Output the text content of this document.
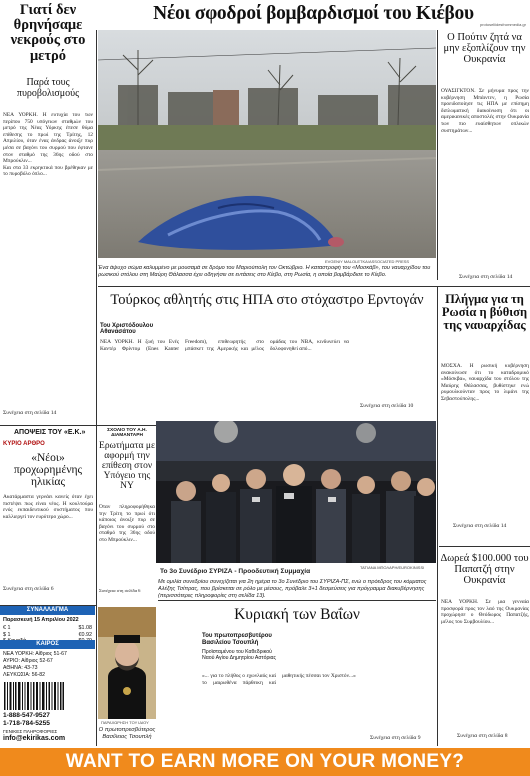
Νέοι σφοδροί βομβαρδισμοί του Κιέβου
protoseliidesfrommedia.gr
Γιατί δεν θρηνήσαμε νεκρούς στο μετρό
Παρά τους πυροβολισμούς
ΝΕΑ ΥΟΡΚΗ. Η ευτυχία του των περίπου 750 υπόγειων σταθμών του μετρό της Νέας Υόρκης έπεσε θύμα επίθεσης το πρωί της Τρίτης, 12 Απριλίου, όταν ένας άνδρας άνοιξε πυρ μέσα σε βαγόνι του συρμού που έφτανε στον σταθμό της 36ης οδού στο Μπρούκλιν...
Και στα 33 εκρηκτικά που βρέθηκαν με το πυροβόλο όπλο...
Συνέχεια στη σελίδα 14
Ένα άψυχο σώμα καλυμμένο με μουσαμά σε δρόμο του Μαριούπολη τον Οκτώβριο. Η καταστροφή του «Μοσκάβ», του ναυαρχίδου του ρωσικού στόλου στη Μαύρη Θάλασσα έχει οδηγήσει σε εντάσεις στο Κίεβο, στη Ρωσία, η οποία βομβάρδισε το Κίεβο.
EVGENIY MALOLETKA/ASSOCIATED PRESS
Ο Πούτιν ζητά να μην εξοπλίζουν την Ουκρανία
ΟΥΑΣΙΓΚΤΟΝ. Σε μήνυμα προς την κυβέρνηση Μπάιντεν, η Ρωσία προειδοποίησε τις ΗΠΑ με επίσημη διπλωματική διακοίνωση ότι οι αμερικανικές αποστολές στην Ουκρανία των πιο ευαίσθητων οπλικών συστημάτων...
Συνέχεια στη σελίδα 14
Τούρκος αθλητής στις ΗΠΑ στο στόχαστρο Ερντογάν
Του Χριστόδουλου Αθανασάτου
ΝΕΑ ΥΟΡΚΗ. Η ζωή του Ενές Καντέρ Φρίντομ (Enes Kanter Freedom), επιθεωρητής στο μπάσκετ της Αμερικής και μέλος ομάδας του ΝΒΑ, κινδυνεύει να δολοφονηθεί από...
Συνέχεια στη σελίδα 10
Πλήγμα για τη Ρωσία η βύθιση της ναυαρχίδας
ΜΟΣΧΑ. Η ρωσική κυβέρνηση ανακοίνωσε ότι το καταδρομικό «Μόσκβα», ναυαρχίδα του στόλου της Μαύρης Θάλασσας, βυθίστηκε ενώ ρυμουλκούνταν προς το λιμάνι της Σεβαστούπολης...
Συνέχεια στη σελίδα 14
ΑΠΟΨΕΙΣ ΤΟΥ «Ε.Κ.»
ΚΥΡΙΟ ΑΡΘΡΟ
«Νέοι» προχωρημένης ηλικίας
Ακατάρμαστα γερνάει κανείς όταν έχει πιστέψει πως είναι νέος. Η κουλτούρα ενός εκπαιδευτικού συστήματος που καλλιεργεί τον ευρύτερο χώρο...
Συνέχεια στη σελίδα 6
ΣΧΟΛΙΟ ΤΟΥ Α.Η. ΔΙΑΜΑΝΤΑΡΗ
Ερωτήματα με αφορμή την επίθεση στον Υπόγειο της ΝΥ
Όταν πληροφορήθηκα την Τρίτη το πρωί ότι κάποιος άνοιξε πυρ σε βαγόνι του συρμού στο σταθμό της 36ης οδού στο Μπρούκλιν...
Συνέχεια στη σελίδα 6
ΤΑΤΙΑΝΑ ΜΠΟΛΑΡΗ/EUROKINISSI
Το 3ο Συνέδριο ΣΥΡΙΖΑ - Προοδευτική Συμμαχία
Με ομιλία συνεδρίου συνεχίζεται για 2η ημέρα το 3ο Συνέδριο του ΣΥΡΙΖΑ-ΠΣ, ενώ ο πρόεδρος του κόμματος Αλέξης Τσίπρας, που βρίσκεται σε ρόλο με μέσους, πρόβαλε 3+1 δεσμεύσεις για πρόγραμμα διακυβέρνησης (περισσότερες πληροφορίες στη σελίδα 13).
Δωρεά $100.000 του Παπατζή στην Ουκρανία
ΝΕΑ ΥΟΡΚΗ. Σε μια γενναία προσφορά προς τον λαό της Ουκρανίας προχώρησε ο Θεόδωρος Παπατζής, μέλος του Συμβουλίου...
Συνέχεια στη σελίδα 8
ΣΥΝΑΛΛΑΓΜΑ
Παρασκευή 15 Απριλίου 2022
€ 1	$1.08
$ 1	€0.92
ΚΑΙΡΟΣ
ΝΕΑ ΥΟΡΚΗ: Αίθριος 51-67
ΑΥΡΙΟ: Αίθριος 52-67
ΑΘΗΝΑ: 43-73
ΛΕΥΚΩΣΙΑ: 56-82
1-888-547-9527
1-718-784-5255
ΓΕΝΙΚΕΣ ΠΛΗΡΟΦΟΡΙΕΣ
info@ekirikas.com
ΠΑΡΑΧΩΡΗΣΗ ΤΟΥ ΙΔΙΟΥ
Ο πρωτοπρεσβύτερος Βασίλειος Τσουπλή
Κυριακή των Βαΐων
Του πρωτοπρεσβυτέρου Βασιλείου Τσουπλή
Προϊσταμένου του Καθεδρικού Ναού Αγίου Δημητρίου Αστόριας
«... για το πλήθος ο εχωνλαός καί το μαιρωθένα πάρθεικη καί μαθητικής πέσσαι τον Χριστόν...»
Συνέχεια στη σελίδα 9
WANT TO EARN MORE ON YOUR MONEY?
